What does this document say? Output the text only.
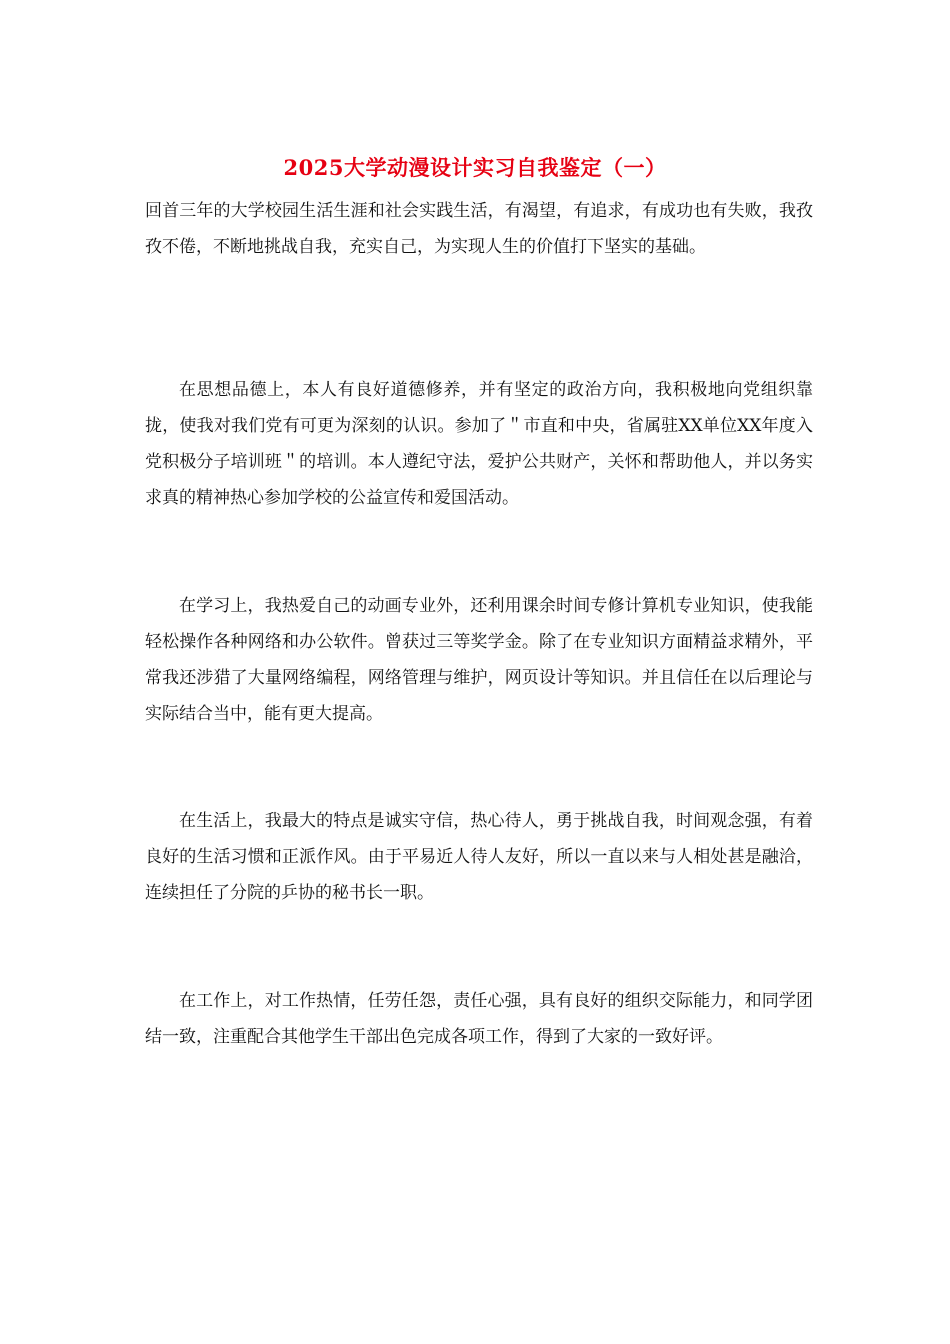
2025大学动漫设计实习自我鉴定（一）

回首三年的大学校园生活生涯和社会实践生活，有渴望，有追求，有成功也有失败，我孜孜不倦，不断地挑战自我，充实自己，为实现人生的价值打下坚实的基础。

在思想品德上，本人有良好道德修养，并有坚定的政治方向，我积极地向党组织靠拢，使我对我们党有可更为深刻的认识。参加了＂市直和中央，省属驻XX单位XX年度入党积极分子培训班＂的培训。本人遵纪守法，爱护公共财产，关怀和帮助他人，并以务实求真的精神热心参加学校的公益宣传和爱国活动。

在学习上，我热爱自己的动画专业外，还利用课余时间专修计算机专业知识，使我能轻松操作各种网络和办公软件。曾获过三等奖学金。除了在专业知识方面精益求精外，平常我还涉猎了大量网络编程，网络管理与维护，网页设计等知识。并且信任在以后理论与实际结合当中，能有更大提高。

在生活上，我最大的特点是诚实守信，热心待人，勇于挑战自我，时间观念强，有着良好的生活习惯和正派作风。由于平易近人待人友好，所以一直以来与人相处甚是融洽，连续担任了分院的乒协的秘书长一职。

在工作上，对工作热情，任劳任怨，责任心强，具有良好的组织交际能力，和同学团结一致，注重配合其他学生干部出色完成各项工作，得到了大家的一致好评。
